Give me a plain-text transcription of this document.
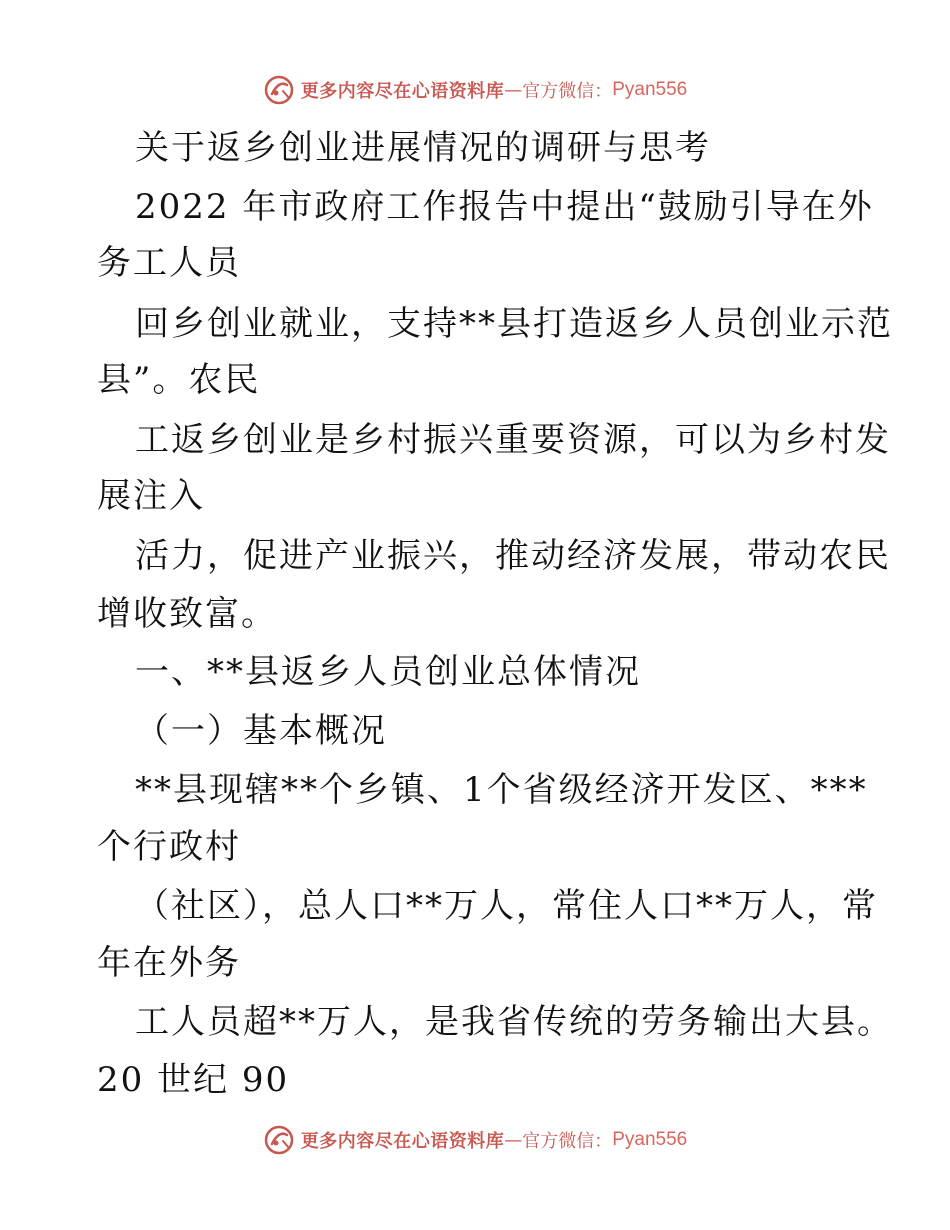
更多内容尽在心语资料库 — 官方微信： Pyan556

关于返乡创业进展情况的调研与思考

2022 年市政府工作报告中提出“鼓励引导在外

务工人员

回乡创业就业，支持**县打造返乡人员创业示范

县”。农民

工返乡创业是乡村振兴重要资源，可以为乡村发

展注入

活力，促进产业振兴，推动经济发展，带动农民

增收致富。

一、**县返乡人员创业总体情况

（一）基本概况

**县现辖**个乡镇、1个省级经济开发区、***

个行政村

（社区），总人口**万人，常住人口**万人，常

年在外务

工人员超**万人，是我省传统的劳务输出大县。

20 世纪 90

更多内容尽在心语资料库 — 官方微信： Pyan556
